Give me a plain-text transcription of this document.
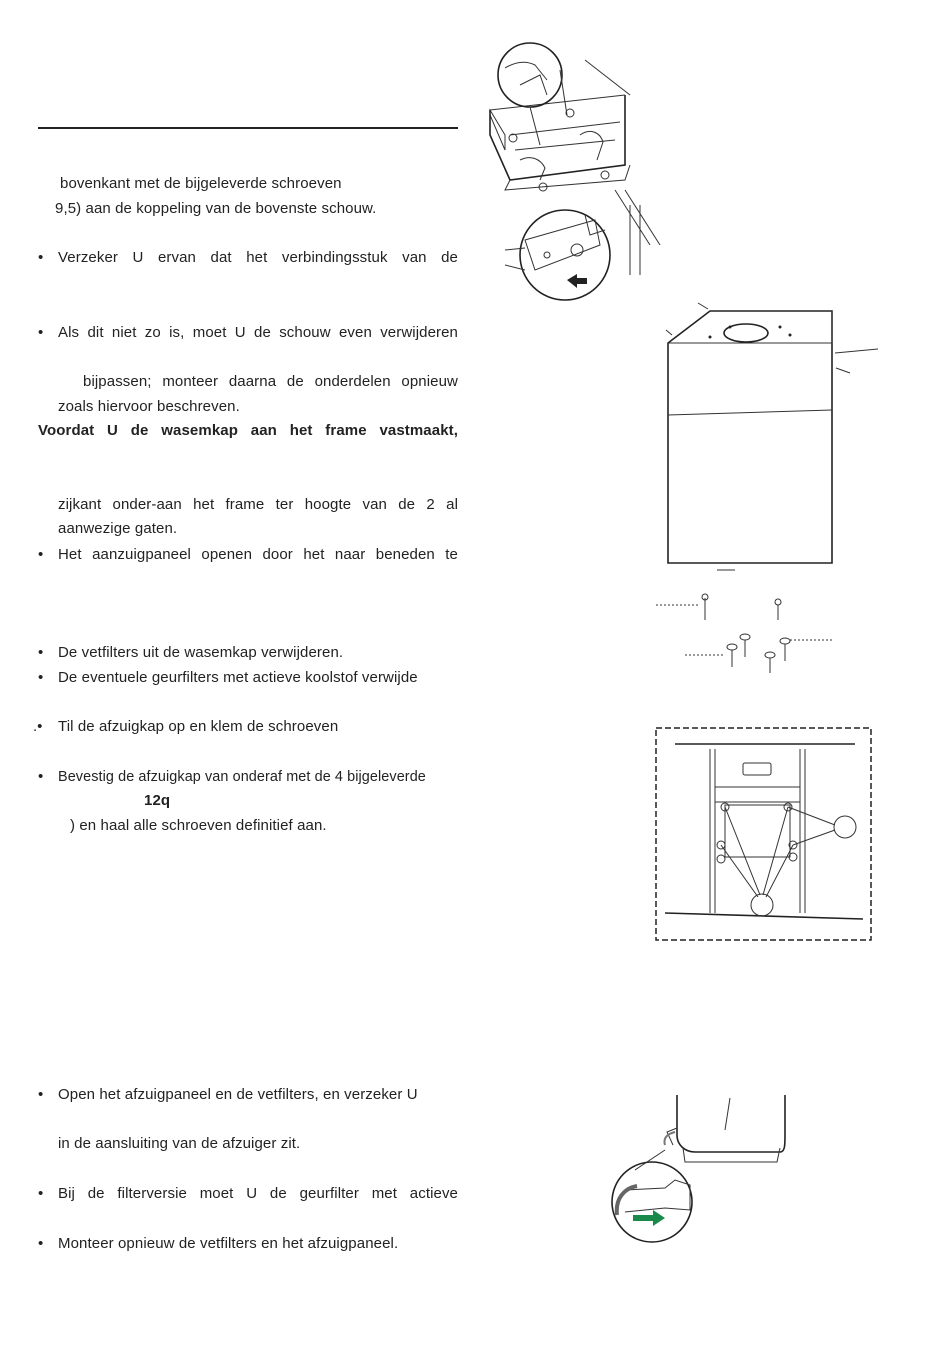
bovenkant met de bijgeleverde schroeven
9,5) aan de koppeling van de bovenste schouw.
• Verzeker U ervan dat het verbindingsstuk van de
• Als dit niet zo is, moet U de schouw even verwijderen
bijpassen; monteer daarna de onderdelen opnieuw
zoals hiervoor beschreven.
Voordat U de wasemkap aan het frame vastmaakt,
zijkant onder-aan het frame ter hoogte van de 2 al
aanwezige gaten.
• Het aanzuigpaneel openen door het naar beneden te
• De vetfilters uit de wasemkap verwijderen.
• De eventuele geurfilters met actieve koolstof verwijde
.•	Til de afzuigkap op en klem de schroeven
•	Bevestig de afzuigkap van onderaf met de 4 bijgeleverde
12q
) en haal alle schroeven definitief aan.
• Open het afzuigpaneel en de vetfilters, en verzeker U
in de aansluiting van de afzuiger zit.
• Bij de filterversie moet U de geurfilter met actieve
• Monteer opnieuw de vetfilters en het afzuigpaneel.
